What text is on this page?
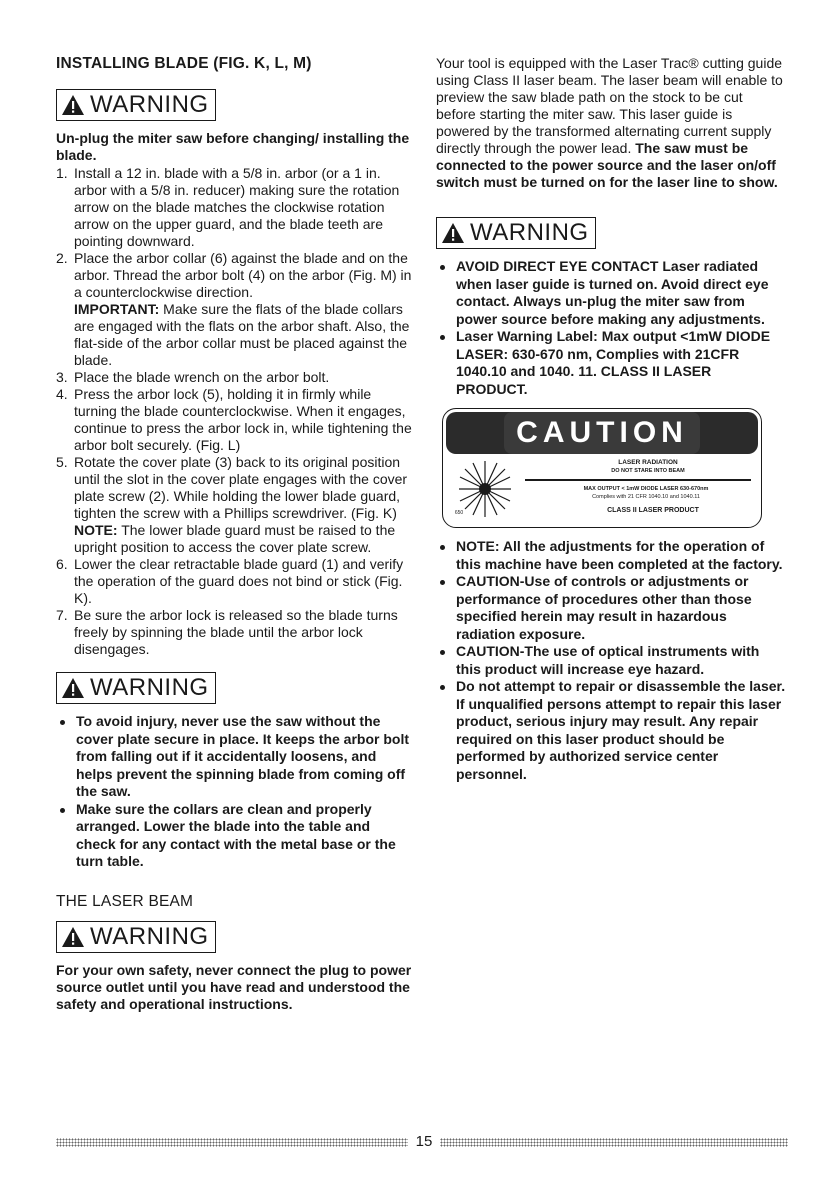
INSTALLING BLADE (FIG. K, L, M)
WARNING

Un-plug the miter saw before changing/ installing the blade.

1. Install a 12 in. blade with a 5/8 in. arbor (or a 1 in. arbor with a 5/8 in. reducer) making sure the rotation arrow on the blade matches the clockwise rotation arrow on the upper guard, and the blade teeth are pointing downward.
2. Place the arbor collar (6) against the blade and on the arbor. Thread the arbor bolt (4) on the arbor (Fig. M) in a counterclockwise direction.
IMPORTANT: Make sure the flats of the blade collars are engaged with the flats on the arbor shaft. Also, the flat-side of the arbor collar must be placed against the blade.
3. Place the blade wrench on the arbor bolt.
4. Press the arbor lock (5), holding it in firmly while turning the blade counterclockwise. When it engages, continue to press the arbor lock in, while tightening the arbor bolt securely. (Fig. L)
5. Rotate the cover plate (3) back to its original position until the slot in the cover plate engages with the cover plate screw (2). While holding the lower blade guard, tighten the screw with a Phillips screwdriver. (Fig. K)
NOTE: The lower blade guard must be raised to the upright position to access the cover plate screw.
6. Lower the clear retractable blade guard (1) and verify the operation of the guard does not bind or stick (Fig. K).
7. Be sure the arbor lock is released so the blade turns freely by spinning the blade until the arbor lock disengages.
WARNING
To avoid injury, never use the saw without the cover plate secure in place. It keeps the arbor bolt from falling out if it accidentally loosens, and helps prevent the spinning blade from coming off the saw.
Make sure the collars are clean and properly arranged. Lower the blade into the table and check for any contact with the metal base or the turn table.
THE LASER BEAM
WARNING

For your own safety, never connect the plug to power source outlet until you have read and understood the safety and operational instructions.

Your tool is equipped with the Laser Trac® cutting guide using Class II laser beam. The laser beam will enable to preview the saw blade path on the stock to be cut before starting the miter saw. This laser guide is powered by the transformed alternating current supply directly through the power lead. The saw must be connected to the power source and the laser on/off switch must be turned on for the laser line to show.

WARNING
AVOID DIRECT EYE CONTACT Laser radiated when laser guide is turned on. Avoid direct eye contact. Always un-plug the miter saw from power source before making any adjustments.
Laser Warning Label: Max output <1mW DIODE LASER: 630-670 nm, Complies with 21CFR 1040.10 and 1040. 11. CLASS II LASER PRODUCT.
CAUTION
LASER RADIATION
DO NOT STARE INTO BEAM
MAX OUTPUT < 1mW DIODE LASER 630-670nm
Complies with 21 CFR 1040.10 and 1040.11
CLASS II LASER PRODUCT
650
NOTE: All the adjustments for the operation of this machine have been completed at the factory.
CAUTION-Use of controls or adjustments or performance of procedures other than those specified herein may result in hazardous radiation exposure.
CAUTION-The use of optical instruments with this product will increase eye hazard.
Do not attempt to repair or disassemble the laser. If unqualified persons attempt to repair this laser product, serious injury may result. Any repair required on this laser product should be performed by authorized service center personnel.
15
